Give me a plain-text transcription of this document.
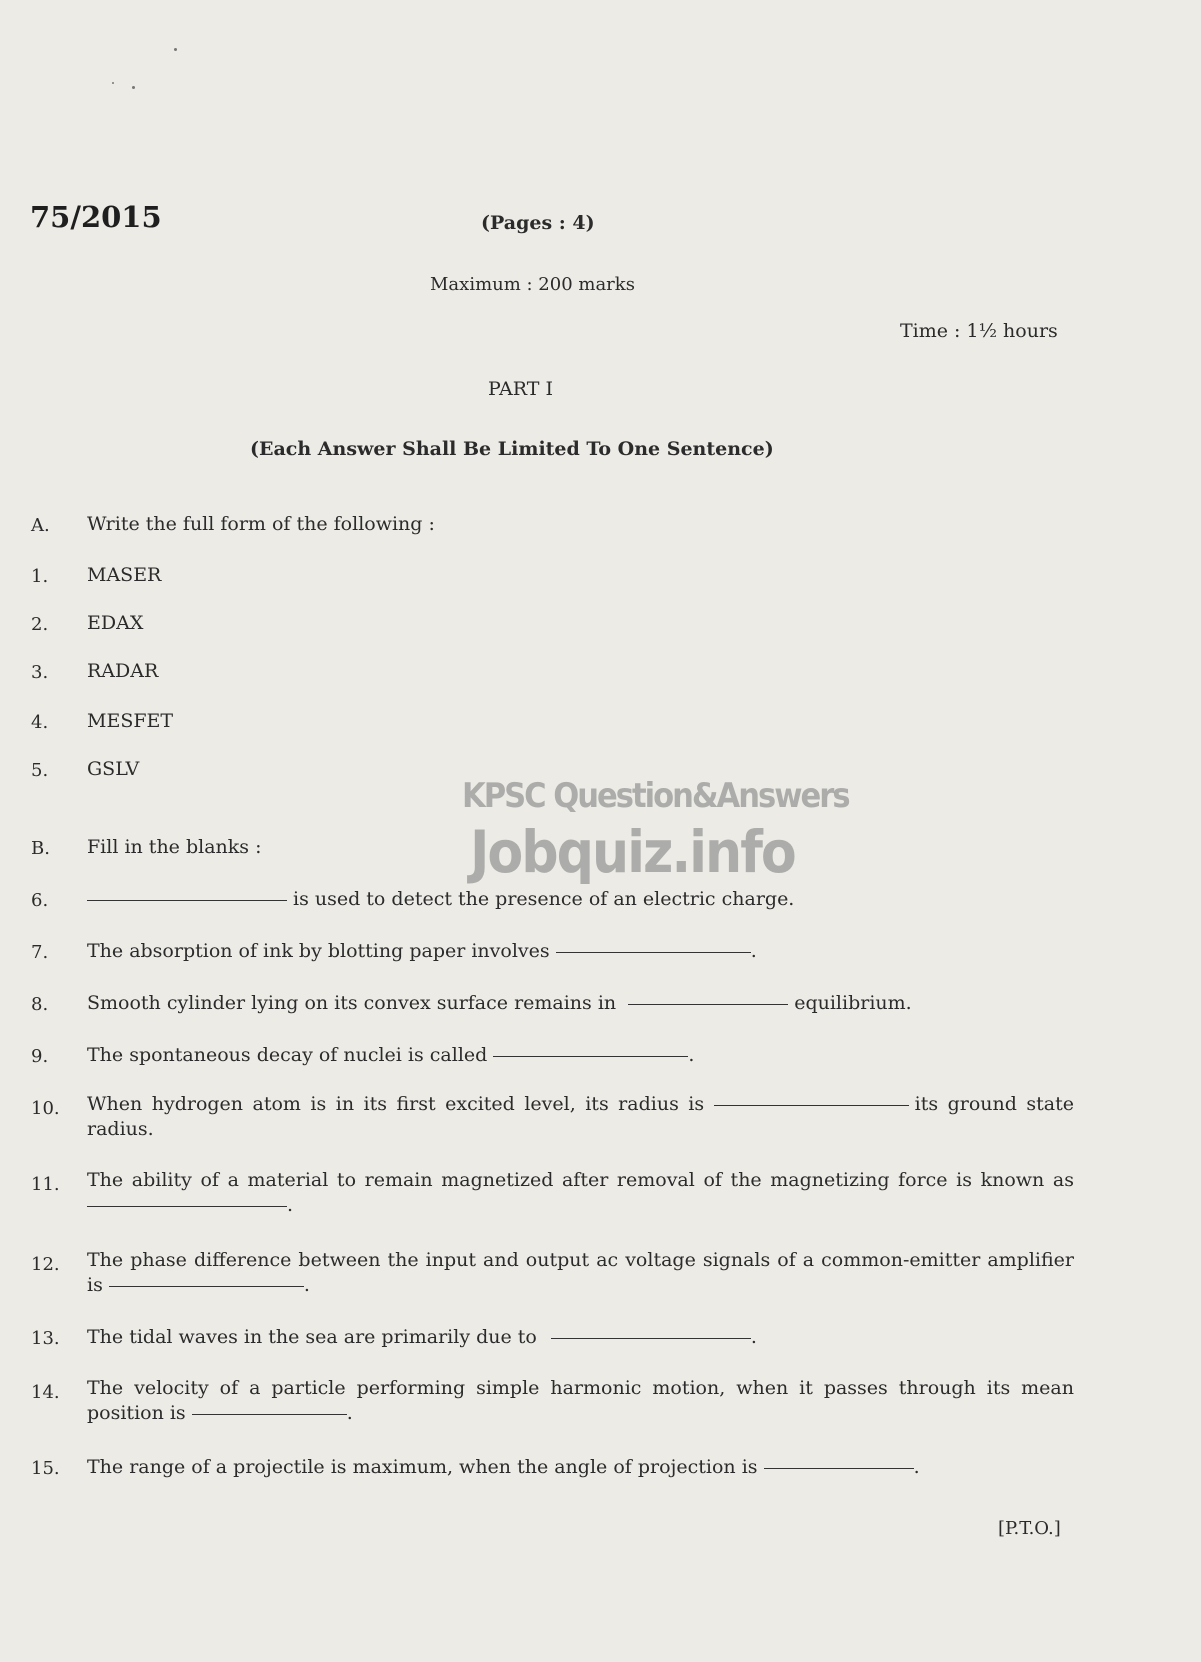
75/2015	(Pages : 4)
Maximum : 200 marks
Time : 1½ hours
PART I
(Each Answer Shall Be Limited To One Sentence)
A. Write the full form of the following :
1. MASER
2. EDAX
3. RADAR
4. MESFET
5. GSLV
KPSC Question&Answers
Jobquiz.info
B. Fill in the blanks :
6.	is used to detect the presence of an electric charge.
7. The absorption of ink by blotting paper involves	.
8. Smooth cylinder lying on its convex surface remains in	equilibrium.
9. The spontaneous decay of nuclei is called	.
10. When hydrogen atom is in its first excited level, its radius is	its ground state radius.
11. The ability of a material to remain magnetized after removal of the magnetizing force is known as .
12. The phase difference between the input and output ac voltage signals of a common-emitter amplifier is	.
13. The tidal waves in the sea are primarily due to	.
14. The velocity of a particle performing simple harmonic motion, when it passes through its mean position is	.
15. The range of a projectile is maximum, when the angle of projection is	.
[P.T.O.]
